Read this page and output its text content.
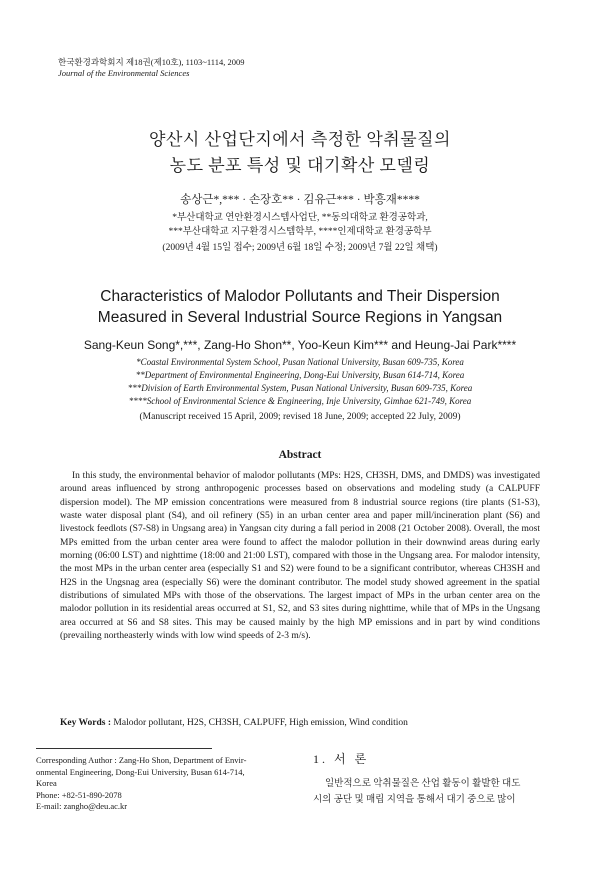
한국환경과학회지 제18권(제10호), 1103~1114, 2009
Journal of the Environmental Sciences
양산시 산업단지에서 측정한 악취물질의
농도 분포 특성 및 대기확산 모델링
송상근*,*** · 손장호** · 김유근*** · 박흥재****
*부산대학교 연안환경시스템사업단, **동의대학교 환경공학과,
***부산대학교 지구환경시스템학부, ****인제대학교 환경공학부
(2009년 4월 15일 접수; 2009년 6월 18일 수정; 2009년 7월 22일 채택)
Characteristics of Malodor Pollutants and Their Dispersion
Measured in Several Industrial Source Regions in Yangsan
Sang-Keun Song*,***, Zang-Ho Shon**, Yoo-Keun Kim*** and Heung-Jai Park****
*Coastal Environmental System School, Pusan National University, Busan 609-735, Korea
**Department of Environmental Engineering, Dong-Eui University, Busan 614-714, Korea
***Division of Earth Environmental System, Pusan National University, Busan 609-735, Korea
****School of Environmental Science & Engineering, Inje University, Gimhae 621-749, Korea
(Manuscript received 15 April, 2009; revised 18 June, 2009; accepted 22 July, 2009)
Abstract
In this study, the environmental behavior of malodor pollutants (MPs: H2S, CH3SH, DMS, and DMDS) was investigated around areas influenced by strong anthropogenic processes based on observations and modeling study (a CALPUFF dispersion model). The MP emission concentrations were measured from 8 industrial source regions (tire plants (S1-S3), waste water disposal plant (S4), and oil refinery (S5) in an urban center area and paper mill/incineration plant (S6) and livestock feedlots (S7-S8) in Ungsang area) in Yangsan city during a fall period in 2008 (21 October 2008). Overall, the most MPs emitted from the urban center area were found to affect the malodor pollution in their downwind areas during early morning (06:00 LST) and nighttime (18:00 and 21:00 LST), compared with those in the Ungsang area. For malodor intensity, the most MPs in the urban center area (especially S1 and S2) were found to be a significant contributor, whereas CH3SH and H2S in the Ungsnag area (especially S6) were the dominant contributor. The model study showed agreement in the spatial distributions of simulated MPs with those of the observations. The largest impact of MPs in the urban center area on the malodor pollution in its residential areas occurred at S1, S2, and S3 sites during nighttime, while that of MPs in the Ungsang area occurred at S6 and S8 sites. This may be caused mainly by the high MP emissions and in part by wind conditions (prevailing northeasterly winds with low wind speeds of 2-3 m/s).
Key Words : Malodor pollutant, H2S, CH3SH, CALPUFF, High emission, Wind condition
Corresponding Author : Zang-Ho Shon, Department of Envir-
onmental Engineering, Dong-Eui University, Busan 614-714,
Korea
Phone: +82-51-890-2078
E-mail: zangho@deu.ac.kr
1. 서 론

일반적으로 악취물질은 산업 활동이 활발한 대도

시의 공단 및 매립 지역을 통해서 대기 중으로 많이
